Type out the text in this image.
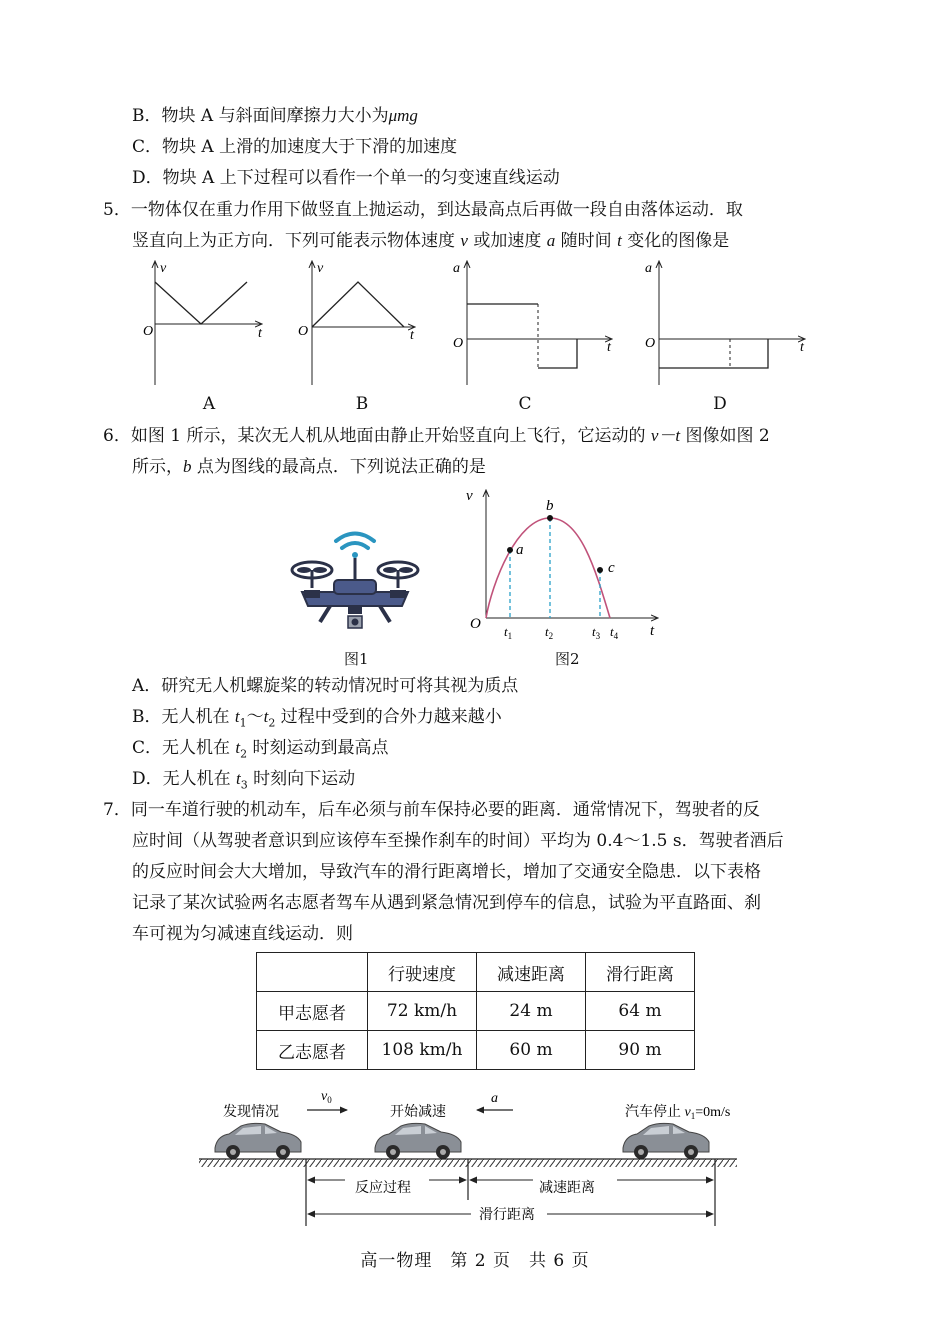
B．物块 A 与斜面间摩擦力大小为μmg
C．物块 A 上滑的加速度大于下滑的加速度
D．物块 A 上下过程可以看作一个单一的匀变速直线运动
5．一物体仅在重力作用下做竖直上抛运动，到达最高点后再做一段自由落体运动．取
竖直向上为正方向．下列可能表示物体速度 v 或加速度 a 随时间 t 变化的图像是
v
O	t
v
O	t
a
O	t
a
O	t
A	B	C	D
6．如图 1 所示，某次无人机从地面由静止开始竖直向上飞行，它运动的 v－t 图像如图 2
所示，b 点为图线的最高点．下列说法正确的是
v
t
O
a
b
c
$t_1$	$t_2$	$t_3$ $t_4$
图1	图2
A．研究无人机螺旋桨的转动情况时可将其视为质点
B．无人机在 $t_1\sim t_2$ 过程中受到的合外力越来越小
C．无人机在 $t_2$ 时刻运动到最高点
D．无人机在 $t_3$ 时刻向下运动
7．同一车道行驶的机动车，后车必须与前车保持必要的距离．通常情况下，驾驶者的反
应时间（从驾驶者意识到应该停车至操作刹车的时间）平均为 0.4～1.5 s．驾驶者酒后
的反应时间会大大增加，导致汽车的滑行距离增长，增加了交通安全隐患．以下表格
记录了某次试验两名志愿者驾车从遇到紧急情况到停车的信息，试验为平直路面、刹
车可视为匀减速直线运动．则
	行驶速度	减速距离	滑行距离
甲志愿者	72 km/h	24 m	64 m
乙志愿者	108 km/h	60 m	90 m
发现情况	开始减速	汽车停止 $v_1=0m/s$
$v_0$	a
反应过程	减速距离
滑行距离
高一物理　第 2 页　共 6 页
